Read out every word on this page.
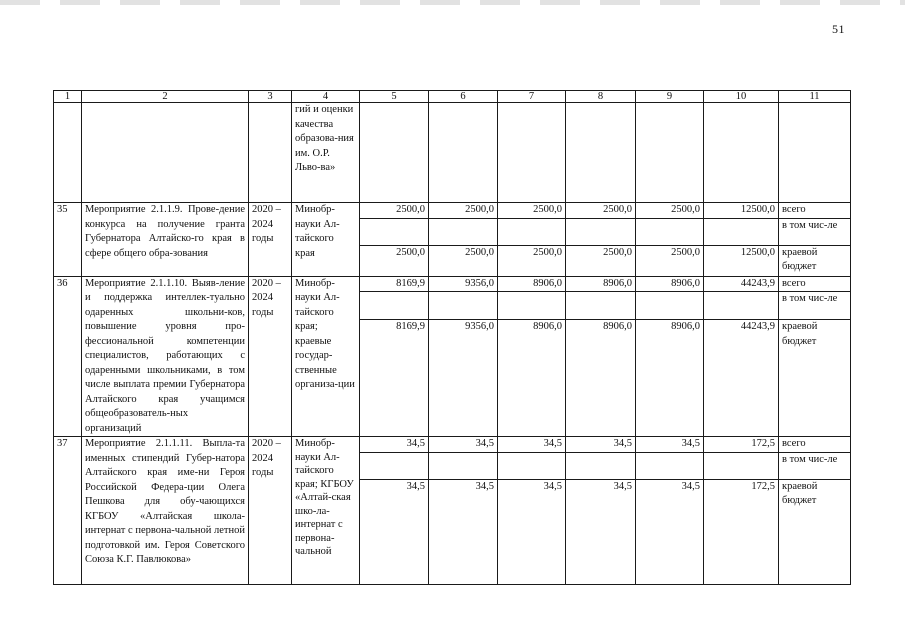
51
1	2	3	4	5	6	7	8	9	10	11
			гий и оценки качества образова-ния им. О.Р. Льво-ва»							
35	Мероприятие 2.1.1.9. Прове-дение конкурса на получение гранта Губернатора Алтайско-го края в сфере общего обра-зования	2020 – 2024 годы	Минобр-науки Ал-тайского края	2500,0	2500,0	2500,0	2500,0	2500,0	12500,0	всего
										в том чис-ле
				2500,0	2500,0	2500,0	2500,0	2500,0	12500,0	краевой бюджет
36	Мероприятие 2.1.1.10. Выяв-ление и поддержка интеллек-туально одаренных школьни-ков, повышение уровня про-фессиональной компетенции специалистов, работающих с одаренными школьниками, в том числе выплата премии Губернатора Алтайского края учащимся общеобразователь-ных организаций	2020 – 2024 годы	Минобр-науки Ал-тайского края; краевые государ-ственные организа-ции	8169,9	9356,0	8906,0	8906,0	8906,0	44243,9	всего
										в том чис-ле
				8169,9	9356,0	8906,0	8906,0	8906,0	44243,9	краевой бюджет
37	Мероприятие 2.1.1.11. Выпла-та именных стипендий Губер-натора Алтайского края име-ни Героя Российской Федера-ции Олега Пешкова для обу-чающихся КГБОУ «Алтайская школа-интернат с первона-чальной летной подготовкой им. Героя Советского Союза К.Г. Павлюкова»	2020 – 2024 годы	Минобр-науки Ал-тайского края; КГБОУ «Алтай-ская шко-ла-интернат с первона-чальной	34,5	34,5	34,5	34,5	34,5	172,5	всего
										в том чис-ле
				34,5	34,5	34,5	34,5	34,5	172,5	краевой бюджет
